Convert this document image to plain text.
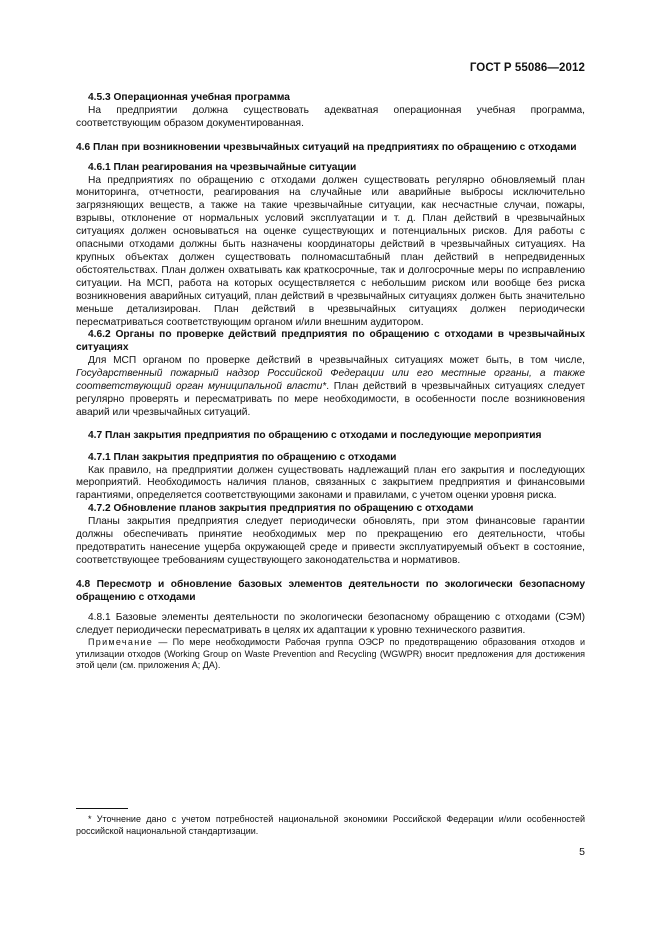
ГОСТ Р 55086—2012

4.5.3 Операционная учебная программа

На предприятии должна существовать адекватная операционная учебная программа, соответствующим образом документированная.

4.6 План при возникновении чрезвычайных ситуаций на предприятиях по обращению с отходами

4.6.1 План реагирования на чрезвычайные ситуации

На предприятиях по обращению с отходами должен существовать регулярно обновляемый план мониторинга, отчетности, реагирования на случайные или аварийные выбросы исключительно загрязняющих веществ, а также на такие чрезвычайные ситуации, как несчастные случаи, пожары, взрывы, отклонение от нормальных условий эксплуатации и т. д. План действий в чрезвычайных ситуациях должен основываться на оценке существующих и потенциальных рисков. Для работы с опасными отходами должны быть назначены координаторы действий в чрезвычайных ситуациях. На крупных объектах должен существовать полномасштабный план действий в непредвиденных обстоятельствах. План должен охватывать как краткосрочные, так и долгосрочные меры по исправлению ситуации. На МСП, работа на которых осуществляется с небольшим риском или вообще без риска возникновения аварийных ситуаций, план действий в чрезвычайных ситуациях должен быть значительно меньше детализирован. План действий в чрезвычайных ситуациях должен периодически пересматриваться соответствующим органом и/или внешним аудитором.

4.6.2 Органы по проверке действий предприятия по обращению с отходами в чрезвычайных ситуациях

Для МСП органом по проверке действий в чрезвычайных ситуациях может быть, в том числе, Государственный пожарный надзор Российской Федерации или его местные органы, а также соответствующий орган муниципальной власти*. План действий в чрезвычайных ситуациях следует регулярно проверять и пересматривать по мере необходимости, в особенности после возникновения аварий или чрезвычайных ситуаций.

4.7 План закрытия предприятия по обращению с отходами и последующие мероприятия

4.7.1 План закрытия предприятия по обращению с отходами

Как правило, на предприятии должен существовать надлежащий план его закрытия и последующих мероприятий. Необходимость наличия планов, связанных с закрытием предприятия и финансовыми гарантиями, определяется соответствующими законами и правилами, с учетом оценки уровня риска.

4.7.2 Обновление планов закрытия предприятия по обращению с отходами

Планы закрытия предприятия следует периодически обновлять, при этом финансовые гарантии должны обеспечивать принятие необходимых мер по прекращению его деятельности, чтобы предотвратить нанесение ущерба окружающей среде и привести эксплуатируемый объект в состояние, соответствующее требованиям существующего законодательства и нормативов.

4.8 Пересмотр и обновление базовых элементов деятельности по экологически безопасному обращению с отходами

4.8.1 Базовые элементы деятельности по экологически безопасному обращению с отходами (СЭМ) следует периодически пересматривать в целях их адаптации к уровню технического развития.

Примечание — По мере необходимости Рабочая группа ОЭСР по предотвращению образования отходов и утилизации отходов (Working Group on Waste Prevention and Recycling (WGWPR) вносит предложения для достижения этой цели (см. приложения А; ДА).

* Уточнение дано с учетом потребностей национальной экономики Российской Федерации и/или особенностей российской национальной стандартизации.
5
